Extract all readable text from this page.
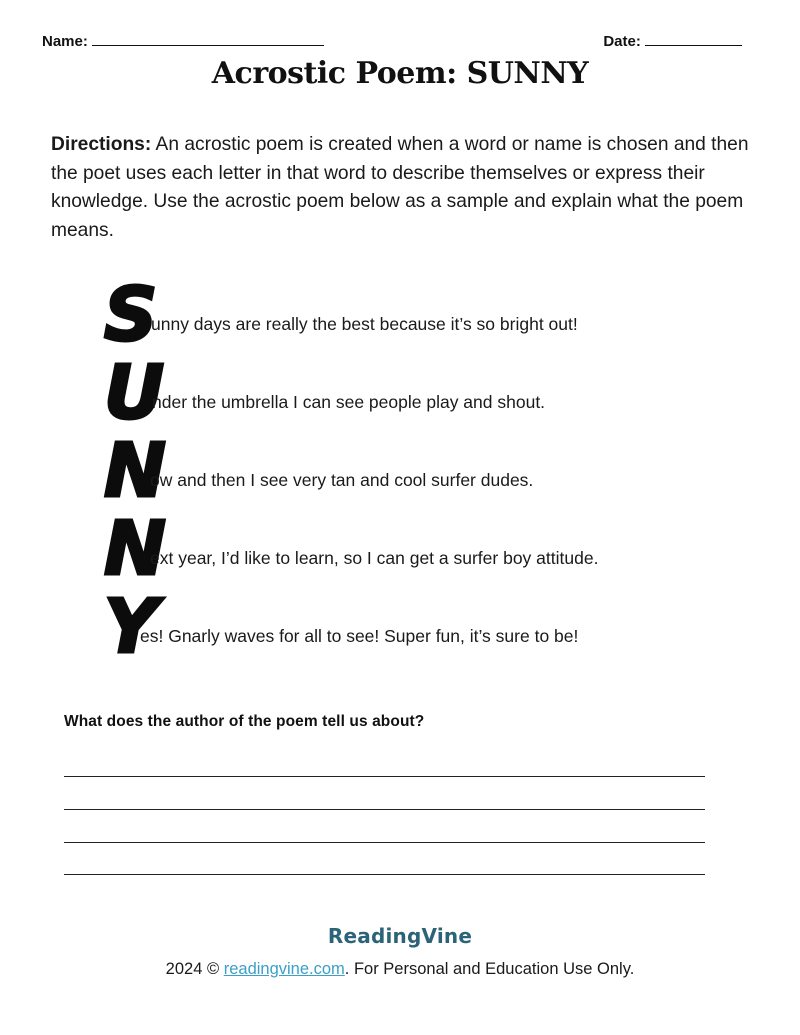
Name:	Date:
Acrostic Poem: SUNNY

Directions: An acrostic poem is created when a word or name is chosen and then the poet uses each letter in that word to describe themselves or express their knowledge. Use the acrostic poem below as a sample and explain what the poem means.

S
unny days are really the best because it’s so bright out!
U
nder the umbrella I can see people play and shout.
N
ow and then I see very tan and cool surfer dudes.
N
ext year, I’d like to learn, so I can get a surfer boy attitude.
Y
es! Gnarly waves for all to see! Super fun, it’s sure to be!

What does the author of the poem tell us about?

ReadingVine
2024 © readingvine.com. For Personal and Education Use Only.
